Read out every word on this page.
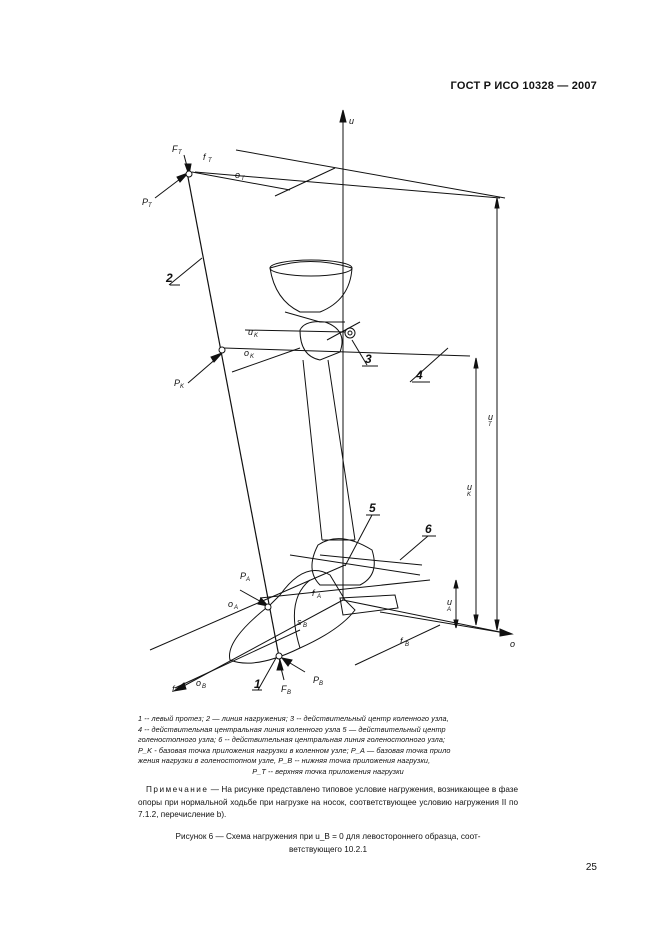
ГОСТ Р ИСО 10328 — 2007
u
o
f
f T
o T
u
T
u K
o K
u
K
u
A
o A
f A
f B
o B
s B
F T
P T
P K
P A
P B
F B
1
2
3
4
5
6
1 -- левый протез; 2 — линия нагружения; 3 -- действительный центр коленного узла,
4 -- действительная центральная линия коленного узла 5 — действительный центр
голеностопного узла; 6 -- действительная центральная линия голеностопного узла;
P_K - базовая точка приложения нагрузки в коленном узле; P_A — базовая точка прило
жения нагрузки в голеностопном узле, P_B -- нижняя точка приложения нагрузки,
P_T -- верхняя точка приложения нагрузки
Примечание — На рисунке представлено типовое условие нагружения, возникающее в фазе опоры при нормальной ходьбе при нагрузке на носок, соответствующее условию нагружения II по 7.1.2, перечисление b).
Рисунок 6 — Схема нагружения при u_B = 0 для левостороннего образца, соот-
ветствующего 10.2.1
25
